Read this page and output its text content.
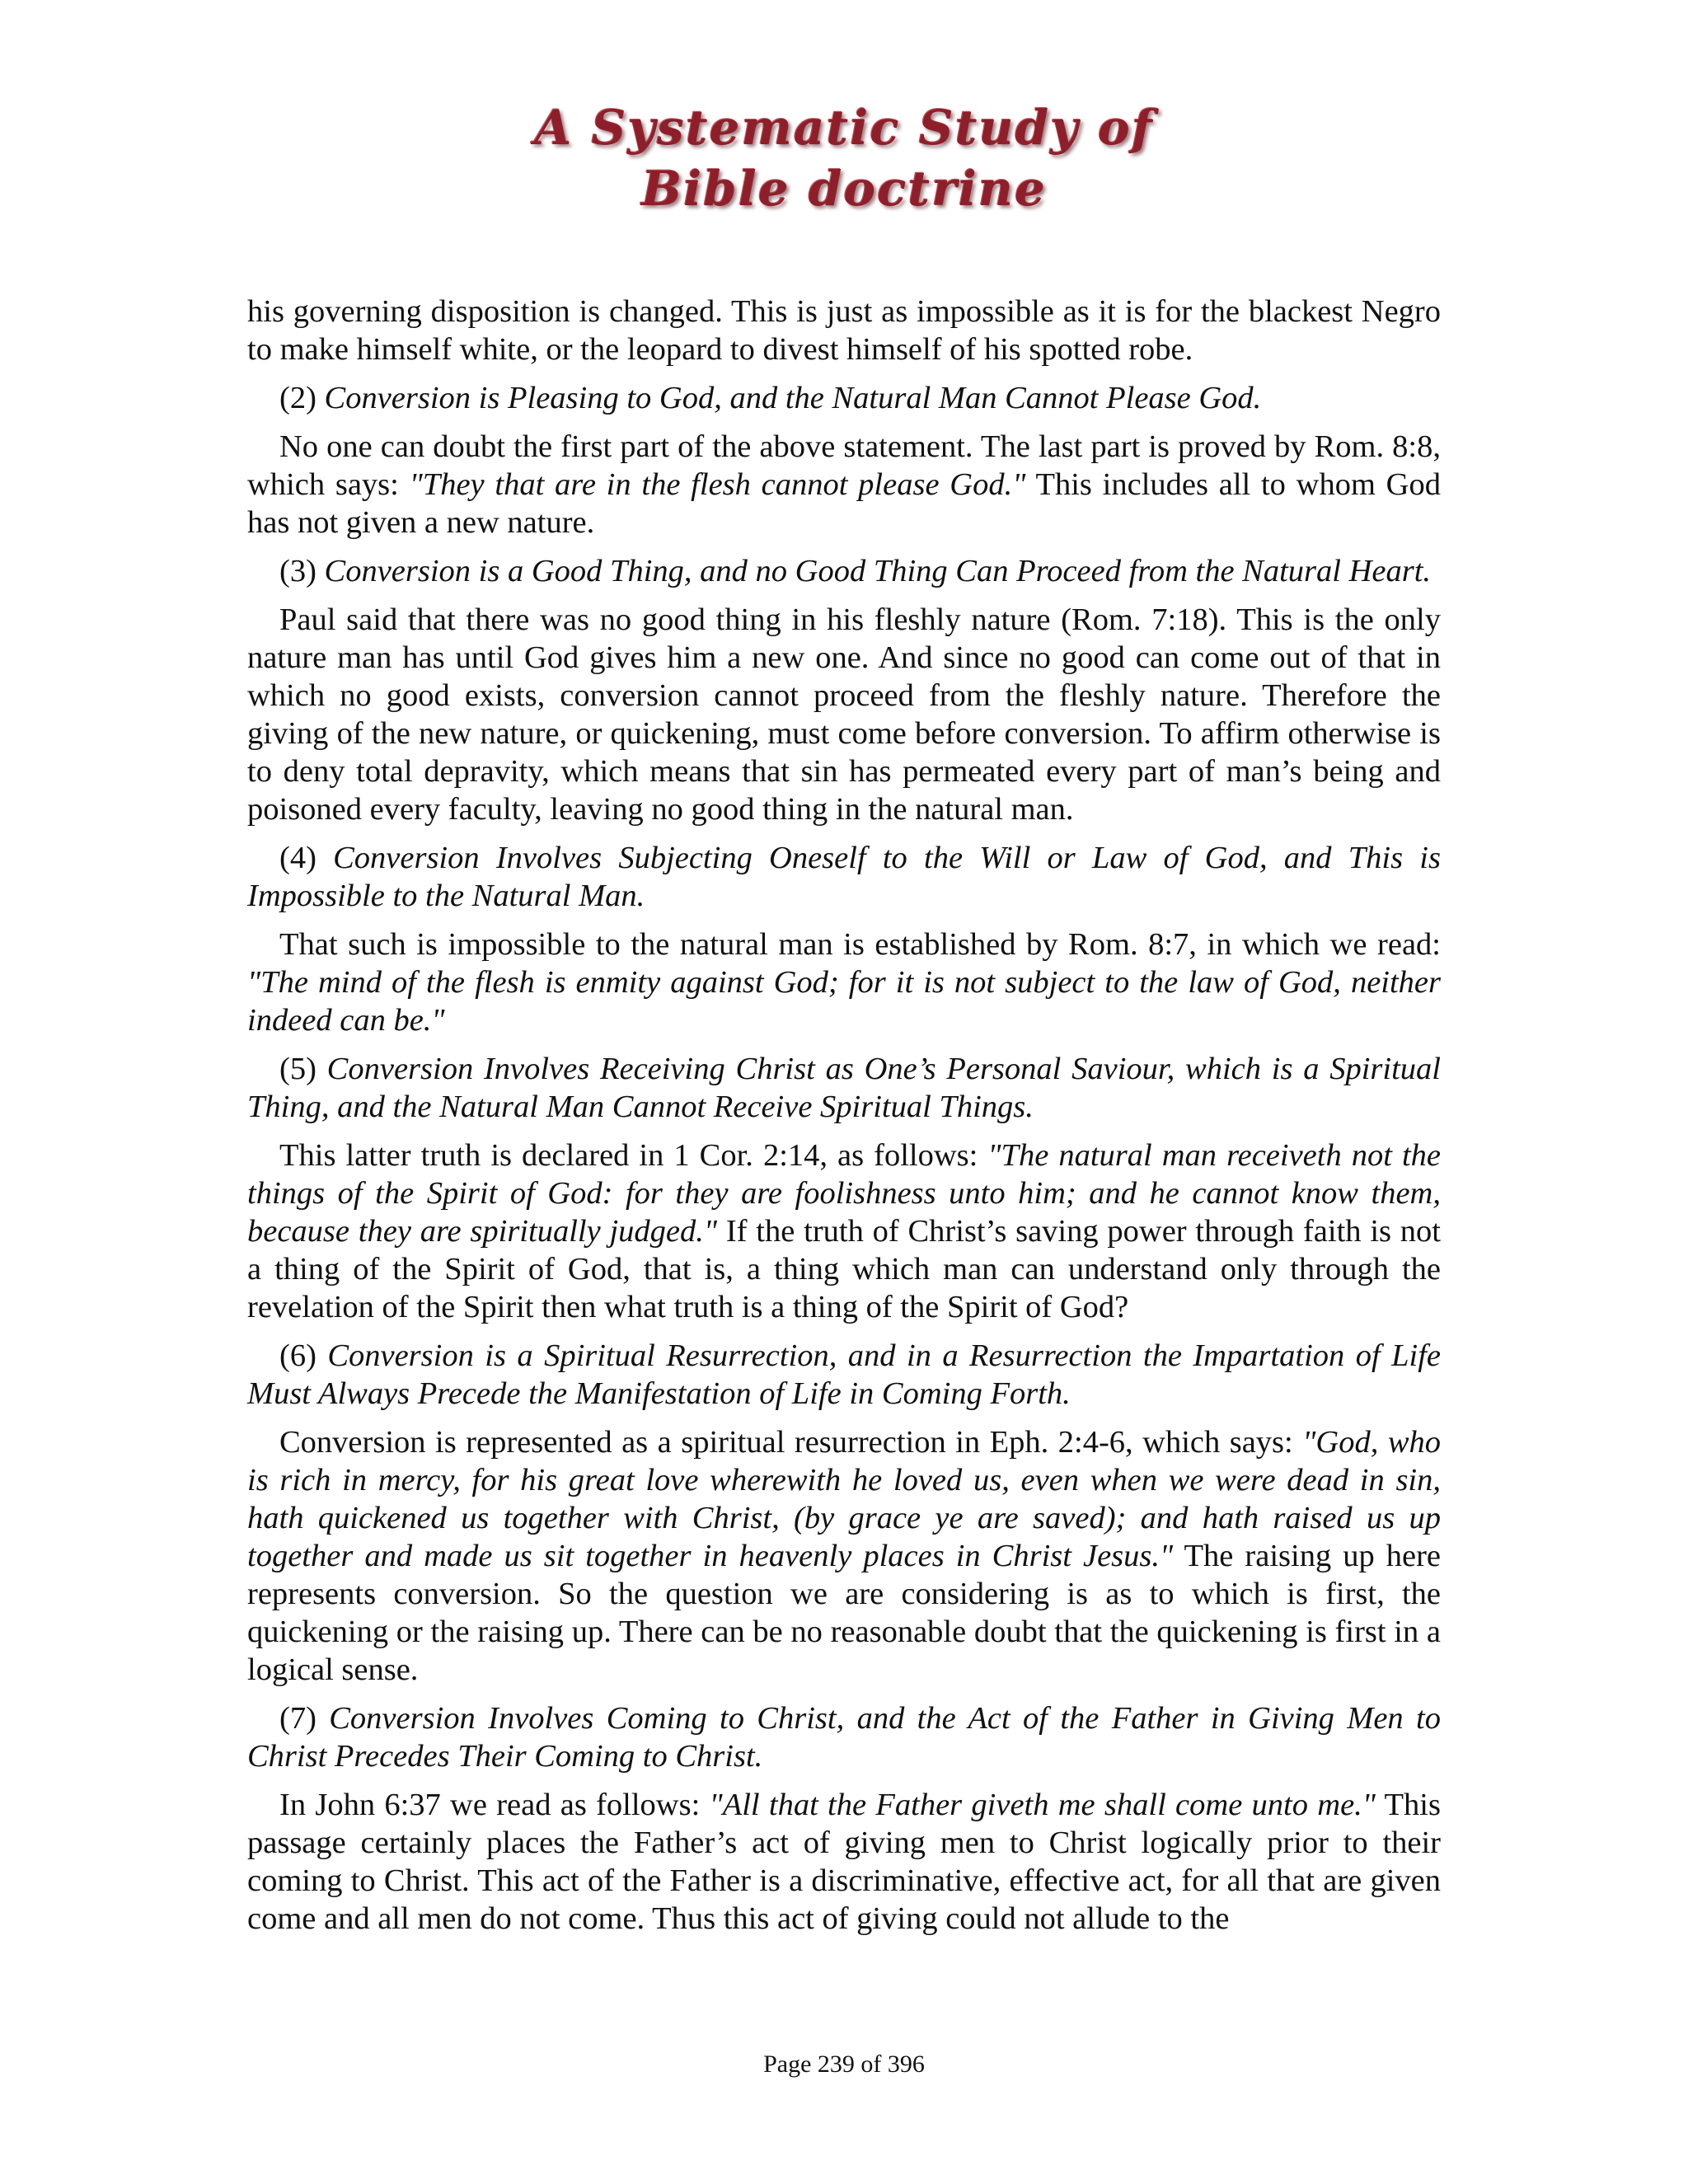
A Systematic Study of
Bible doctrine

his governing disposition is changed. This is just as impossible as it is for the blackest Negro to make himself white, or the leopard to divest himself of his spotted robe.

(2) Conversion is Pleasing to God, and the Natural Man Cannot Please God.

No one can doubt the first part of the above statement. The last part is proved by Rom. 8:8, which says: "They that are in the flesh cannot please God." This includes all to whom God has not given a new nature.

(3) Conversion is a Good Thing, and no Good Thing Can Proceed from the Natural Heart.

Paul said that there was no good thing in his fleshly nature (Rom. 7:18). This is the only nature man has until God gives him a new one. And since no good can come out of that in which no good exists, conversion cannot proceed from the fleshly nature. Therefore the giving of the new nature, or quickening, must come before conversion. To affirm otherwise is to deny total depravity, which means that sin has permeated every part of man’s being and poisoned every faculty, leaving no good thing in the natural man.

(4) Conversion Involves Subjecting Oneself to the Will or Law of God, and This is Impossible to the Natural Man.

That such is impossible to the natural man is established by Rom. 8:7, in which we read: "The mind of the flesh is enmity against God; for it is not subject to the law of God, neither indeed can be."

(5) Conversion Involves Receiving Christ as One’s Personal Saviour, which is a Spiritual Thing, and the Natural Man Cannot Receive Spiritual Things.

This latter truth is declared in 1 Cor. 2:14, as follows: "The natural man receiveth not the things of the Spirit of God: for they are foolishness unto him; and he cannot know them, because they are spiritually judged." If the truth of Christ’s saving power through faith is not a thing of the Spirit of God, that is, a thing which man can understand only through the revelation of the Spirit then what truth is a thing of the Spirit of God?

(6) Conversion is a Spiritual Resurrection, and in a Resurrection the Impartation of Life Must Always Precede the Manifestation of Life in Coming Forth.

Conversion is represented as a spiritual resurrection in Eph. 2:4-6, which says: "God, who is rich in mercy, for his great love wherewith he loved us, even when we were dead in sin, hath quickened us together with Christ, (by grace ye are saved); and hath raised us up together and made us sit together in heavenly places in Christ Jesus." The raising up here represents conversion. So the question we are considering is as to which is first, the quickening or the raising up. There can be no reasonable doubt that the quickening is first in a logical sense.

(7) Conversion Involves Coming to Christ, and the Act of the Father in Giving Men to Christ Precedes Their Coming to Christ.

In John 6:37 we read as follows: "All that the Father giveth me shall come unto me." This passage certainly places the Father’s act of giving men to Christ logically prior to their coming to Christ. This act of the Father is a discriminative, effective act, for all that are given come and all men do not come. Thus this act of giving could not allude to the

Page 239 of 396
